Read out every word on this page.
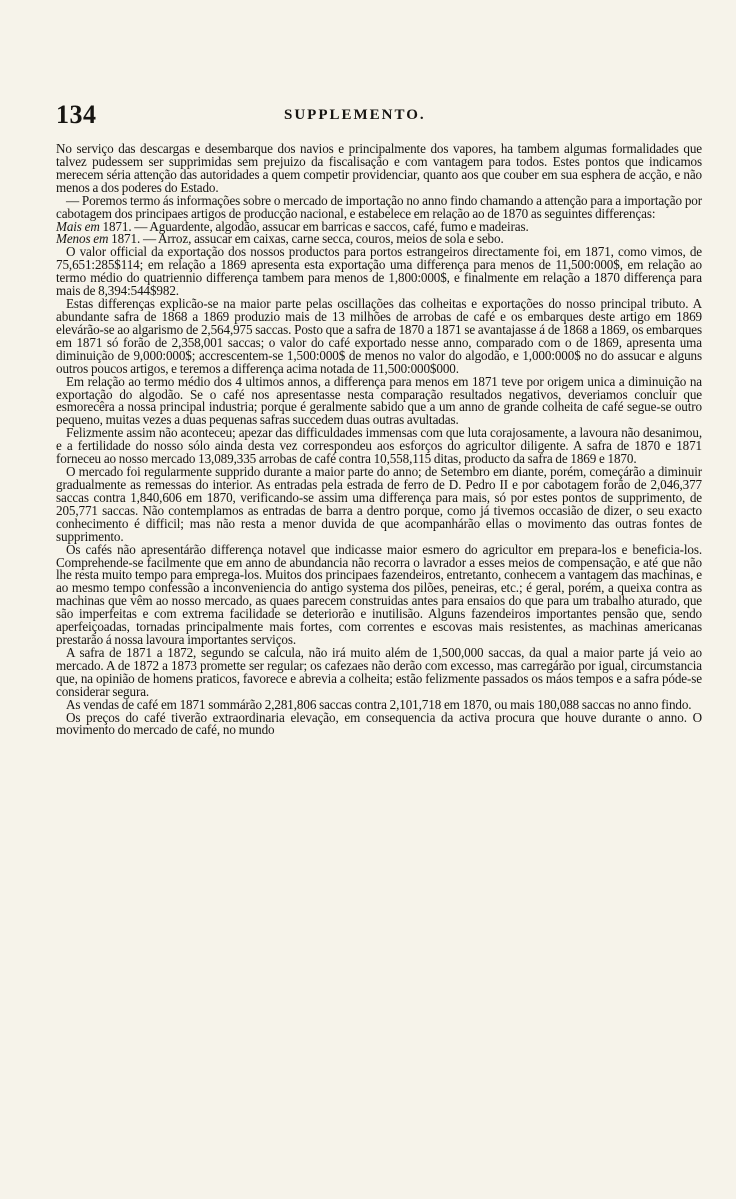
134	SUPPLEMENTO.

No serviço das descargas e desembarque dos navios e principalmente dos vapores, ha tambem algumas formalidades que talvez pudessem ser supprimidas sem prejuizo da fiscalisação e com vantagem para todos. Estes pontos que indicamos merecem séria attenção das autoridades a quem competir providenciar, quanto aos que couber em sua esphera de acção, e não menos a dos poderes do Estado.

— Poremos termo ás informações sobre o mercado de importação no anno findo chamando a attenção para a importação por cabotagem dos principaes artigos de producção nacional, e estabelece em relação ao de 1870 as seguintes differenças:

Mais em 1871. — Aguardente, algodão, assucar em barricas e saccos, café, fumo e madeiras.

Menos em 1871. — Arroz, assucar em caixas, carne secca, couros, meios de sola e sebo.

O valor official da exportação dos nossos productos para portos estrangeiros directamente foi, em 1871, como vimos, de 75,651:285$114; em relação a 1869 apresenta esta exportação uma differença para menos de 11,500:000$, em relação ao termo médio do quatriennio differença tambem para menos de 1,800:000$, e finalmente em relação a 1870 differença para mais de 8,394:544$982.

Estas differenças explicão-se na maior parte pelas oscillações das colheitas e exportações do nosso principal tributo. A abundante safra de 1868 a 1869 produzio mais de 13 milhões de arrobas de café e os embarques deste artigo em 1869 elevárão-se ao algarismo de 2,564,975 saccas. Posto que a safra de 1870 a 1871 se avantajasse á de 1868 a 1869, os embarques em 1871 só forão de 2,358,001 saccas; o valor do café exportado nesse anno, comparado com o de 1869, apresenta uma diminuição de 9,000:000$; accrescentem-se 1,500:000$ de menos no valor do algodão, e 1,000:000$ no do assucar e alguns outros poucos artigos, e teremos a differença acima notada de 11,500:000$000.

Em relação ao termo médio dos 4 ultimos annos, a differença para menos em 1871 teve por origem unica a diminuição na exportação do algodão. Se o café nos apresentasse nesta comparação resultados negativos, deveriamos concluir que esmorecêra a nossa principal industria; porque é geralmente sabido que a um anno de grande colheita de café segue-se outro pequeno, muitas vezes a duas pequenas safras succedem duas outras avultadas.

Felizmente assim não aconteceu; apezar das difficuldades immensas com que luta corajosamente, a lavoura não desanimou, e a fertilidade do nosso sólo ainda desta vez correspondeu aos esforços do agricultor diligente. A safra de 1870 e 1871 forneceu ao nosso mercado 13,089,335 arrobas de café contra 10,558,115 ditas, producto da safra de 1869 e 1870.

O mercado foi regularmente supprido durante a maior parte do anno; de Setembro em diante, porém, começárão a diminuir gradualmente as remessas do interior. As entradas pela estrada de ferro de D. Pedro II e por cabotagem forão de 2,046,377 saccas contra 1,840,606 em 1870, verificando-se assim uma differença para mais, só por estes pontos de supprimento, de 205,771 saccas. Não contemplamos as entradas de barra a dentro porque, como já tivemos occasião de dizer, o seu exacto conhecimento é difficil; mas não resta a menor duvida de que acompanhárão ellas o movimento das outras fontes de supprimento.

Os cafés não apresentárão differença notavel que indicasse maior esmero do agricultor em prepara-los e beneficia-los. Comprehende-se facilmente que em anno de abundancia não recorra o lavrador a esses meios de compensação, e até que não lhe resta muito tempo para emprega-los. Muitos dos principaes fazendeiros, entretanto, conhecem a vantagem das machinas, e ao mesmo tempo confessão a inconveniencia do antigo systema dos pilões, peneiras, etc.; é geral, porém, a queixa contra as machinas que vêm ao nosso mercado, as quaes parecem construidas antes para ensaios do que para um trabalho aturado, que são imperfeitas e com extrema facilidade se deteriorão e inutilisão. Alguns fazendeiros importantes pensão que, sendo aperfeiçoadas, tornadas principalmente mais fortes, com correntes e escovas mais resistentes, as machinas americanas prestarão á nossa lavoura importantes serviços.

A safra de 1871 a 1872, segundo se calcula, não irá muito além de 1,500,000 saccas, da qual a maior parte já veio ao mercado. A de 1872 a 1873 promette ser regular; os cafezaes não derão com excesso, mas carregárão por igual, circumstancia que, na opinião de homens praticos, favorece e abrevia a colheita; estão felizmente passados os máos tempos e a safra póde-se considerar segura.

As vendas de café em 1871 sommárão 2,281,806 saccas contra 2,101,718 em 1870, ou mais 180,088 saccas no anno findo.

Os preços do café tiverão extraordinaria elevação, em consequencia da activa procura que houve durante o anno. O movimento do mercado de café, no mundo
